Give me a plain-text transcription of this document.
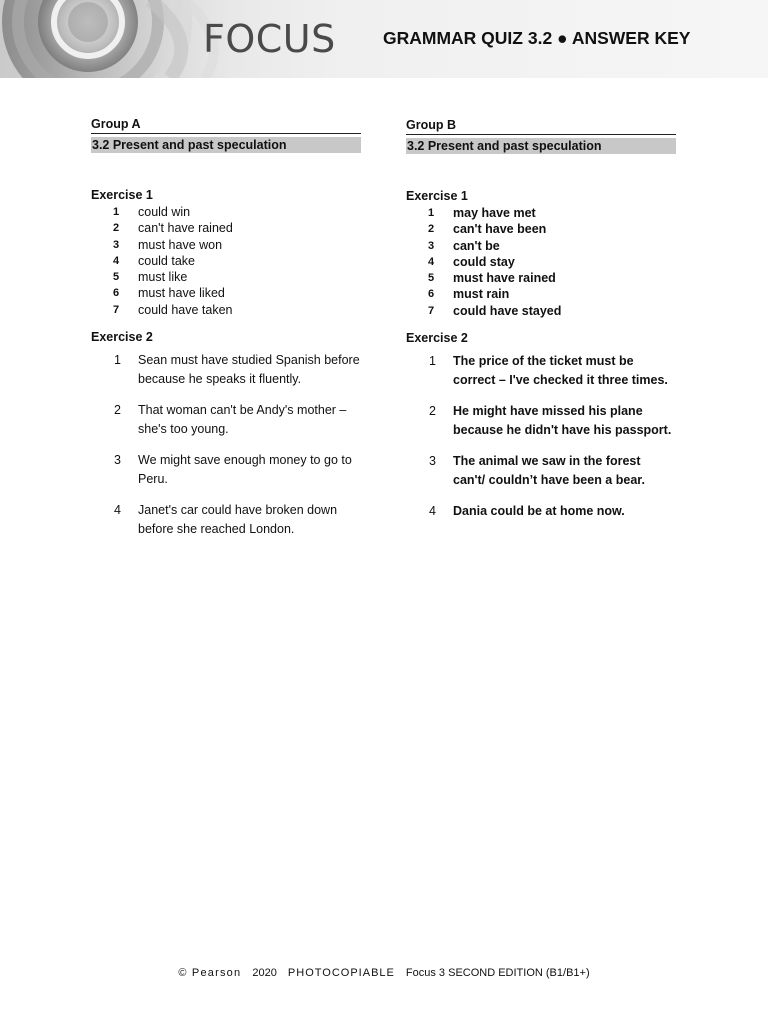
FOCUS	GRAMMAR QUIZ 3.2 ● ANSWER KEY
Group A
3.2 Present and past speculation
Exercise 1
1	could win
2	can't have rained
3	must have won
4	could take
5	must like
6	must have liked
7	could have taken
Exercise 2
1	Sean must have studied Spanish before because he speaks it fluently.
2	That woman can't be Andy's mother – she's too young.
3	We might save enough money to go to Peru.
4	Janet's car could have broken down before she reached London.
Group B
3.2 Present and past speculation
Exercise 1
1	may have met
2	can't have been
3	can't be
4	could stay
5	must have rained
6	must rain
7	could have stayed
Exercise 2
1	The price of the ticket must be correct – I've checked it three times.
2	He might have missed his plane because he didn't have his passport.
3	The animal we saw in the forest can't/ couldn’t have been a bear.
4	Dania could be at home now.
© Pearson 2020 PHOTOCOPIABLE Focus 3 SECOND EDITION (B1/B1+)
